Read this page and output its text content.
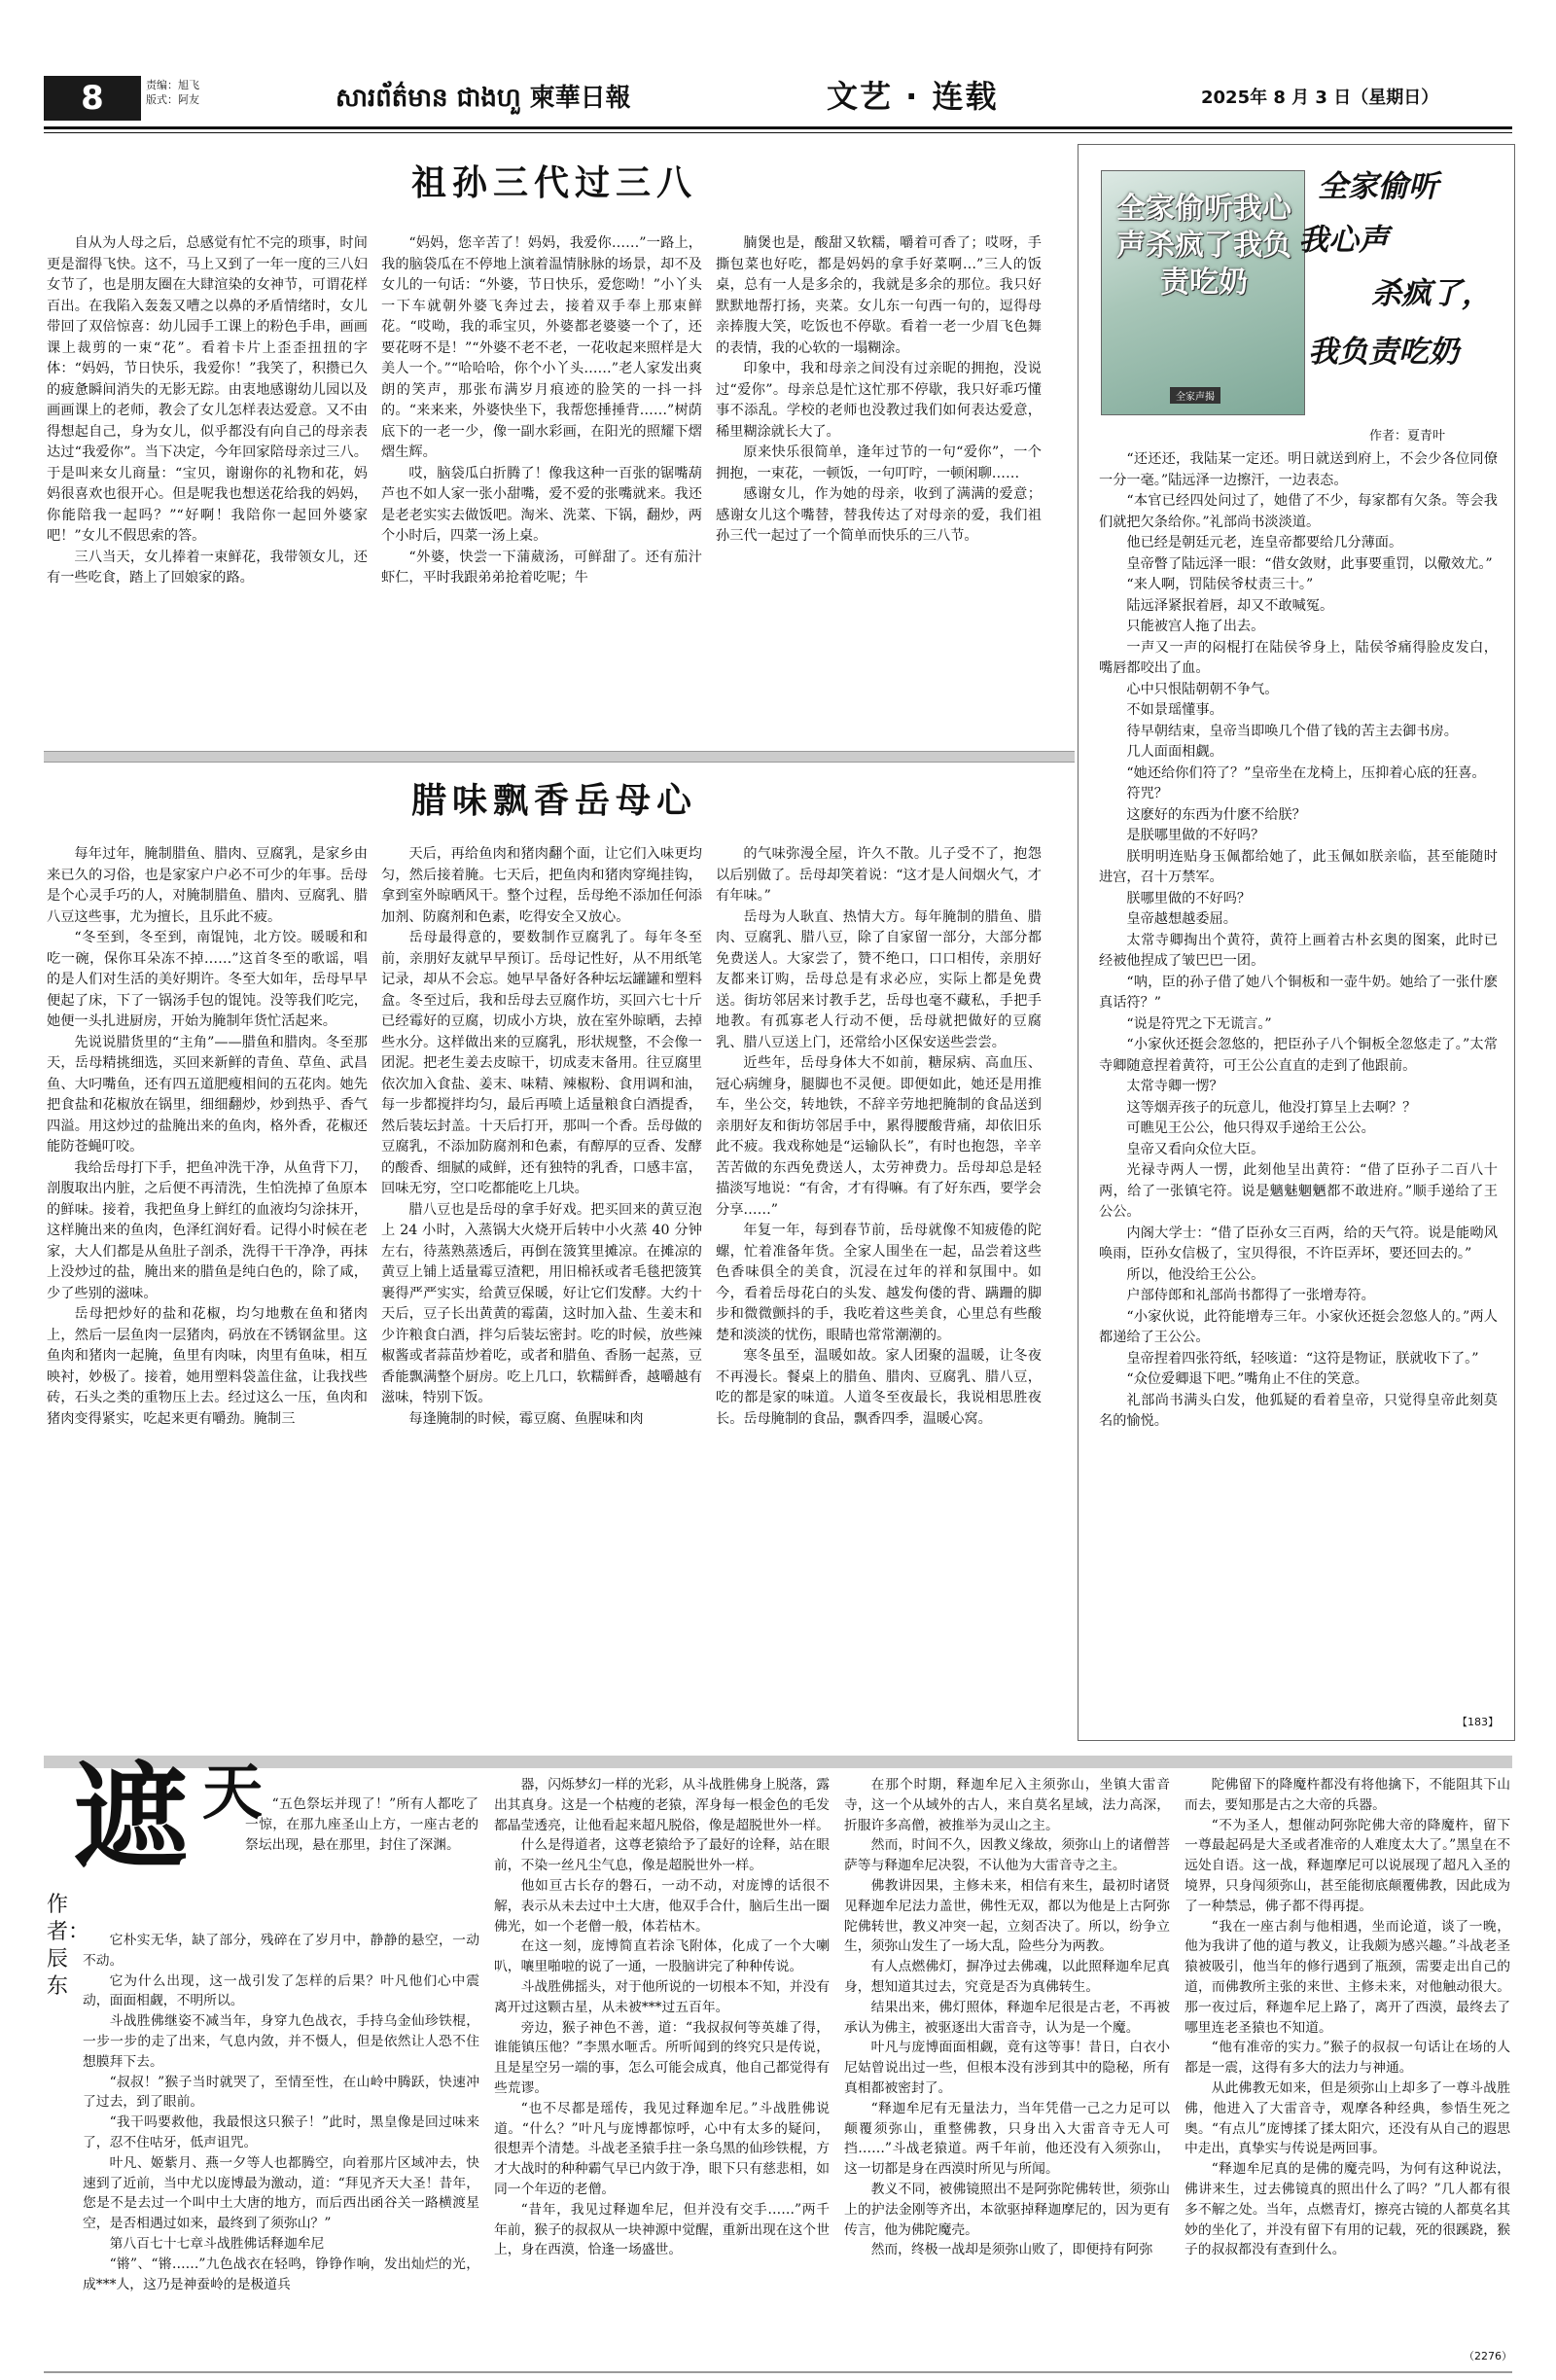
8	责编：旭飞
版式：阿友	សារព័ត៌មាន ជាងហួ 柬華日報	文艺 · 连载	2025年 8 月 3 日（星期日）
祖孙三代过三八

自从为人母之后，总感觉有忙不完的琐事，时间更是溜得飞快。这不，马上又到了一年一度的三八妇女节了，也是朋友圈在大肆渲染的女神节，可谓花样百出。在我陷入轰轰又嘈之以鼻的矛盾情绪时，女儿带回了双倍惊喜：幼儿园手工课上的粉色手串，画画课上裁剪的一束“花”。看着卡片上歪歪扭扭的字体：“妈妈，节日快乐，我爱你！”我笑了，积攒已久的疲惫瞬间消失的无影无踪。由衷地感谢幼儿园以及画画课上的老师，教会了女儿怎样表达爱意。又不由得想起自己，身为女儿，似乎都没有向自己的母亲表达过“我爱你”。当下决定，今年回家陪母亲过三八。于是叫来女儿商量：“宝贝，谢谢你的礼物和花，妈妈很喜欢也很开心。但是呢我也想送花给我的妈妈，你能陪我一起吗？”“好啊！我陪你一起回外婆家吧！”女儿不假思索的答。

三八当天，女儿捧着一束鲜花，我带领女儿，还有一些吃食，踏上了回娘家的路。

“妈妈，您辛苦了！妈妈，我爱你……”一路上，我的脑袋瓜在不停地上演着温情脉脉的场景，却不及女儿的一句话：“外婆，节日快乐，爱您呦！”小丫头一下车就朝外婆飞奔过去，接着双手奉上那束鲜花。“哎呦，我的乖宝贝，外婆都老婆婆一个了，还要花呀不是！”“外婆不老不老，一花收起来照样是大美人一个。”“哈哈哈，你个小丫头……”老人家发出爽朗的笑声，那张布满岁月痕迹的脸笑的一抖一抖的。“来来来，外婆快坐下，我帮您捶捶背……”树荫底下的一老一少，像一副水彩画，在阳光的照耀下熠熠生辉。

哎，脑袋瓜白折腾了！像我这种一百张的锯嘴葫芦也不如人家一张小甜嘴，爱不爱的张嘴就来。我还是老老实实去做饭吧。淘米、洗菜、下锅，翻炒，两个小时后，四菜一汤上桌。

“外婆，快尝一下蒲葳汤，可鲜甜了。还有茄汁虾仁，平时我跟弟弟抢着吃呢；牛

腩煲也是，酸甜又软糯，嚼着可香了；哎呀，手撕包菜也好吃，都是妈妈的拿手好菜啊…”三人的饭桌，总有一人是多余的，我就是多余的那位。我只好默默地帮打扬，夹菜。女儿东一句西一句的，逗得母亲捧腹大笑，吃饭也不停歇。看着一老一少眉飞色舞的表情，我的心软的一塌糊涂。

印象中，我和母亲之间没有过亲昵的拥抱，没说过“爱你”。母亲总是忙这忙那不停歇，我只好乖巧懂事不添乱。学校的老师也没教过我们如何表达爱意，稀里糊涂就长大了。

原来快乐很简单，逢年过节的一句“爱你”，一个拥抱，一束花，一顿饭，一句叮咛，一顿闲聊……

感谢女儿，作为她的母亲，收到了满满的爱意；感谢女儿这个嘴替，替我传达了对母亲的爱，我们祖孙三代一起过了一个简单而快乐的三八节。

腊味飘香岳母心

每年过年，腌制腊鱼、腊肉、豆腐乳，是家乡由来已久的习俗，也是家家户户必不可少的年事。岳母是个心灵手巧的人，对腌制腊鱼、腊肉、豆腐乳、腊八豆这些事，尤为擅长，且乐此不疲。

“冬至到，冬至到，南馄饨，北方饺。暖暖和和吃一碗，保你耳朵冻不掉……”这首冬至的歌谣，唱的是人们对生活的美好期许。冬至大如年，岳母早早便起了床，下了一锅汤手包的馄饨。没等我们吃完，她便一头扎进厨房，开始为腌制年货忙活起来。

先说说腊货里的“主角”——腊鱼和腊肉。冬至那天，岳母精挑细选，买回来新鲜的青鱼、草鱼、武昌鱼、大叼嘴鱼，还有四五道肥瘦相间的五花肉。她先把食盐和花椒放在锅里，细细翻炒，炒到热乎、香气四溢。用这炒过的盐腌出来的鱼肉，格外香，花椒还能防苍蝇叮咬。

我给岳母打下手，把鱼冲洗干净，从鱼背下刀，剖腹取出内脏，之后便不再清洗，生怕洗掉了鱼原本的鲜味。接着，我把鱼身上鲜红的血液均匀涂抹开，这样腌出来的鱼肉，色泽红润好看。记得小时候在老家，大人们都是从鱼肚子剖杀，洗得干干净净，再抹上没炒过的盐，腌出来的腊鱼是纯白色的，除了咸，少了些别的滋味。

岳母把炒好的盐和花椒，均匀地敷在鱼和猪肉上，然后一层鱼肉一层猪肉，码放在不锈钢盆里。这鱼肉和猪肉一起腌，鱼里有肉味，肉里有鱼味，相互映衬，妙极了。接着，她用塑料袋盖住盆，让我找些砖，石头之类的重物压上去。经过这么一压，鱼肉和猪肉变得紧实，吃起来更有嚼劲。腌制三

天后，再给鱼肉和猪肉翻个面，让它们入味更均匀，然后接着腌。七天后，把鱼肉和猪肉穿绳挂钩，拿到室外晾晒风干。整个过程，岳母绝不添加任何添加剂、防腐剂和色素，吃得安全又放心。

岳母最得意的，要数制作豆腐乳了。每年冬至前，亲朋好友就早早预订。岳母记性好，从不用纸笔记录，却从不会忘。她早早备好各种坛坛罐罐和塑料盒。冬至过后，我和岳母去豆腐作坊，买回六七十斤已经霉好的豆腐，切成小方块，放在室外晾晒，去掉些水分。这样做出来的豆腐乳，形状规整，不会像一团泥。把老生姜去皮晾干，切成麦末备用。往豆腐里依次加入食盐、姜末、味精、辣椒粉、食用调和油，每一步都搅拌均匀，最后再喷上适量粮食白酒提香，然后装坛封盖。十天后打开，那叫一个香。岳母做的豆腐乳，不添加防腐剂和色素，有醇厚的豆香、发酵的酸香、细腻的咸鲜，还有独特的乳香，口感丰富，回味无穷，空口吃都能吃上几块。

腊八豆也是岳母的拿手好戏。把买回来的黄豆泡上 24 小时，入蒸锅大火烧开后转中小火蒸 40 分钟左右，待蒸熟蒸透后，再倒在箥箕里摊凉。在摊凉的黄豆上铺上适量霉豆渣粑，用旧棉袄或者毛毯把箥箕裹得严严实实，给黄豆保暖，好让它们发酵。大约十天后，豆子长出黄黄的霉菌，这时加入盐、生姜末和少许粮食白酒，拌匀后装坛密封。吃的时候，放些辣椒酱或者蒜苗炒着吃，或者和腊鱼、香肠一起蒸，豆香能飘满整个厨房。吃上几口，软糯鲜香，越嚼越有滋味，特别下饭。

每逢腌制的时候，霉豆腐、鱼腥味和肉

的气味弥漫全屋，许久不散。儿子受不了，抱怨以后别做了。岳母却笑着说：“这才是人间烟火气，才有年味。”

岳母为人耿直、热情大方。每年腌制的腊鱼、腊肉、豆腐乳、腊八豆，除了自家留一部分，大部分都免费送人。大家尝了，赞不绝口，口口相传，亲朋好友都来订购，岳母总是有求必应，实际上都是免费送。街坊邻居来讨教手艺，岳母也毫不藏私，手把手地教。有孤寡老人行动不便，岳母就把做好的豆腐乳、腊八豆送上门，还常给小区保安送些尝尝。

近些年，岳母身体大不如前，糖尿病、高血压、冠心病缠身，腿脚也不灵便。即便如此，她还是用推车，坐公交，转地铁，不辞辛劳地把腌制的食品送到亲朋好友和街坊邻居手中，累得腰酸背痛，却依旧乐此不疲。我戏称她是“运输队长”，有时也抱怨，辛辛苦苦做的东西免费送人，太劳神费力。岳母却总是轻描淡写地说：“有舍，才有得嘛。有了好东西，要学会分享……”

年复一年，每到春节前，岳母就像不知疲倦的陀螺，忙着准备年货。全家人围坐在一起，品尝着这些色香味俱全的美食，沉浸在过年的祥和氛围中。如今，看着岳母花白的头发、越发佝偻的背、蹒跚的脚步和微微颤抖的手，我吃着这些美食，心里总有些酸楚和淡淡的忧伤，眼睛也常常潮潮的。

寒冬虽至，温暖如故。家人团聚的温暖，让冬夜不再漫长。餐桌上的腊鱼、腊肉、豆腐乳、腊八豆，吃的都是家的味道。人道冬至夜最长，我说相思胜夜长。岳母腌制的食品，飘香四季，温暖心窝。

全家偷听我心声杀疯了我负责吃奶
全家声揭
全家偷听
我心声
杀疯了，
我负责吃奶
作者：夏青叶

“还还还，我陆某一定还。明日就送到府上，不会少各位同僚一分一毫。”陆远泽一边擦汗，一边表态。

“本官已经四处问过了，她借了不少，每家都有欠条。等会我们就把欠条给你。”礼部尚书淡淡道。

他已经是朝廷元老，连皇帝都要给几分薄面。

皇帝瞥了陆远泽一眼：“借女敛财，此事要重罚，以儆效尤。”

“来人啊，罚陆侯爷杖责三十。”

陆远泽紧抿着唇，却又不敢喊冤。

只能被宫人拖了出去。

一声又一声的闷棍打在陆侯爷身上，陆侯爷痛得脸皮发白，嘴唇都咬出了血。

心中只恨陆朝朝不争气。

不如景瑶懂事。

待早朝结束，皇帝当即唤几个借了钱的苦主去御书房。

几人面面相觑。

“她还给你们符了？”皇帝坐在龙椅上，压抑着心底的狂喜。

符咒？

这麽好的东西为什麽不给朕？

是朕哪里做的不好吗？

朕明明连贴身玉佩都给她了，此玉佩如朕亲临，甚至能随时进宫，召十万禁军。

朕哪里做的不好吗？

皇帝越想越委屈。

太常寺卿掏出个黄符，黄符上画着古朴玄奥的图案，此时已经被他捏成了皱巴巴一团。

“呐，臣的孙子借了她八个铜板和一壶牛奶。她给了一张什麽真话符？”

“说是符咒之下无谎言。”

“小家伙还挺会忽悠的，把臣孙子八个铜板全忽悠走了。”太常寺卿随意捏着黄符，可王公公直直的走到了他跟前。

太常寺卿一愣？

这等烟弄孩子的玩意儿，他没打算呈上去啊？？

可瞧见王公公，他只得双手递给王公公。

皇帝又看向众位大臣。

光禄寺两人一愣，此刻他呈出黄符：“借了臣孙子二百八十两，给了一张镇宅符。说是魑魅魍魉都不敢进府。”顺手递给了王公公。

内阁大学士：“借了臣孙女三百两，给的天气符。说是能呦风唤雨，臣孙女信极了，宝贝得很，不许臣弄坏，要还回去的。”

所以，他没给王公公。

户部侍郎和礼部尚书都得了一张增寿符。

“小家伙说，此符能增寿三年。小家伙还挺会忽悠人的。”两人都递给了王公公。

皇帝捏着四张符纸，轻咳道：“这符是物证，朕就收下了。”

“众位爱卿退下吧。”嘴角止不住的笑意。

礼部尚书满头白发，他狐疑的看着皇帝，只觉得皇帝此刻莫名的愉悦。

【183】
遮 天
作者：辰东

“五色祭坛并现了！”所有人都吃了一惊，在那九座圣山上方，一座古老的祭坛出现，悬在那里，封住了深渊。

它朴实无华，缺了部分，残碎在了岁月中，静静的悬空，一动不动。

它为什么出现，这一战引发了怎样的后果？叶凡他们心中震动，面面相觑，不明所以。

斗战胜佛继姿不减当年，身穿九色战衣，手持乌金仙珍铁棍，一步一步的走了出来，气息内敛，并不慑人，但是依然让人恐不住想膜拜下去。

“叔叔！”猴子当时就哭了，至情至性，在山岭中腾跃，快速冲了过去，到了眼前。

“我干吗要救他，我最恨这只猴子！”此时，黑皇像是回过味来了，忍不住咕牙，低声诅咒。

叶凡、姬紫月、燕一夕等人也都腾空，向着那片区域冲去，快速到了近前，当中尤以庞博最为激动，道：“拜见齐天大圣！昔年，您是不是去过一个叫中土大唐的地方，而后西出函谷关一路横渡星空，是否相遇过如来，最终到了须弥山？”

第八百七十七章斗战胜佛话释迦牟尼

“锵”、“锵……”九色战衣在轻鸣，铮铮作响，发出灿烂的光，成***人，这乃是神蚕岭的是极道兵

器，闪烁梦幻一样的光彩，从斗战胜佛身上脱落，露出其真身。这是一个枯瘦的老猿，浑身每一根金色的毛发都晶莹透亮，让他看起来超凡脱俗，像是超脱世外一样。

什么是得道者，这尊老猿给予了最好的诠释，站在眼前，不染一丝凡尘气息，像是超脱世外一样。

他如亘古长存的磐石，一动不动，对庞博的话很不解，表示从未去过中土大唐，他双手合什，脑后生出一圈佛光，如一个老僧一般，体若枯木。

在这一刻，庞博简直若涂飞附体，化成了一个大喇叭，嚷里啪啦的说了一通，一股脑讲完了种种传说。

斗战胜佛摇头，对于他所说的一切根本不知，并没有离开过这颗古星，从未被***过五百年。

旁边，猴子神色不善，道：“我叔叔何等英雄了得，谁能镇压他？”李黑水咂舌。所听闻到的终究只是传说，且是星空另一端的事，怎么可能会成真，他自己都觉得有些荒谬。

“也不尽都是瑶传，我见过释迦牟尼。”斗战胜佛说道。“什么？”叶凡与庞博都惊呼，心中有太多的疑问，很想弄个清楚。斗战老圣猿手拄一条乌黑的仙珍铁棍，方才大战时的种种霸气早已内敛于净，眼下只有慈悲相，如同一个年迈的老僧。

“昔年，我见过释迦牟尼，但并没有交手……”两千年前，猴子的叔叔从一块神源中觉醒，重新出现在这个世上，身在西漠，恰逢一场盛世。

在那个时期，释迦牟尼入主须弥山，坐镇大雷音寺，这一个从域外的古人，来自莫名星域，法力高深，折服许多高僧，被推举为灵山之主。

然而，时间不久，因教义缘故，须弥山上的诸僧菩萨等与释迦牟尼决裂，不认他为大雷音寺之主。

佛教讲因果，主修未来，相信有来生，最初时诸贤见释迦牟尼法力盖世，佛性无双，都以为他是上古阿弥陀佛转世，教义冲突一起，立刻否决了。所以，纷争立生，须弥山发生了一场大乱，险些分为两教。

有人点燃佛灯，摒净过去佛魂，以此照释迦牟尼真身，想知道其过去，究竟是否为真佛转生。

结果出来，佛灯照体，释迦牟尼很是古老，不再被承认为佛主，被驱逐出大雷音寺，认为是一个魔。

叶凡与庞博面面相觑，竟有这等事！昔日，白衣小尼姑曾说出过一些，但根本没有涉到其中的隐秘，所有真相都被密封了。

“释迦牟尼有无量法力，当年凭借一己之力足可以颠覆须弥山，重整佛教，只身出入大雷音寺无人可挡……”斗战老猿道。两千年前，他还没有入须弥山，这一切都是身在西漠时所见与所闻。

教义不同，被佛镜照出不是阿弥陀佛转世，须弥山上的护法金刚等齐出，本欲驱掉释迦摩尼的，因为更有传言，他为佛陀魔壳。

然而，终极一战却是须弥山败了，即便持有阿弥

陀佛留下的降魔杵都没有将他擒下，不能阻其下山而去，要知那是古之大帝的兵器。

“不为圣人，想催动阿弥陀佛大帝的降魔杵，留下一尊最起码是大圣或者准帝的人难度太大了。”黑皇在不远处自语。这一战，释迦摩尼可以说展现了超凡入圣的境界，只身闯须弥山，甚至能彻底颠覆佛教，因此成为了一种禁忌，佛子都不得再提。

“我在一座古刹与他相遇，坐而论道，谈了一晚，他为我讲了他的道与教义，让我颇为感兴趣。”斗战老圣猿被吸引，他当年的修行遇到了瓶颈，需要走出自己的道，而佛教所主张的来世、主修未来，对他触动很大。那一夜过后，释迦牟尼上路了，离开了西漠，最终去了哪里连老圣猿也不知道。

“他有准帝的实力。”猴子的叔叔一句话让在场的人都是一震，这得有多大的法力与神通。

从此佛教无如来，但是须弥山上却多了一尊斗战胜佛，他进入了大雷音寺，观摩各种经典，参悟生死之奥。“有点儿”庞博揉了揉太阳穴，还没有从自己的遐思中走出，真挚实与传说是两回事。

“释迦牟尼真的是佛的魔壳吗，为何有这种说法，佛讲来生，过去佛镜真的照出什么了吗？”几人都有很多不解之处。当年，点燃青灯，擦亮古镜的人都莫名其妙的坐化了，并没有留下有用的记载，死的很蹊跷，猴子的叔叔都没有查到什么。

（2276）
